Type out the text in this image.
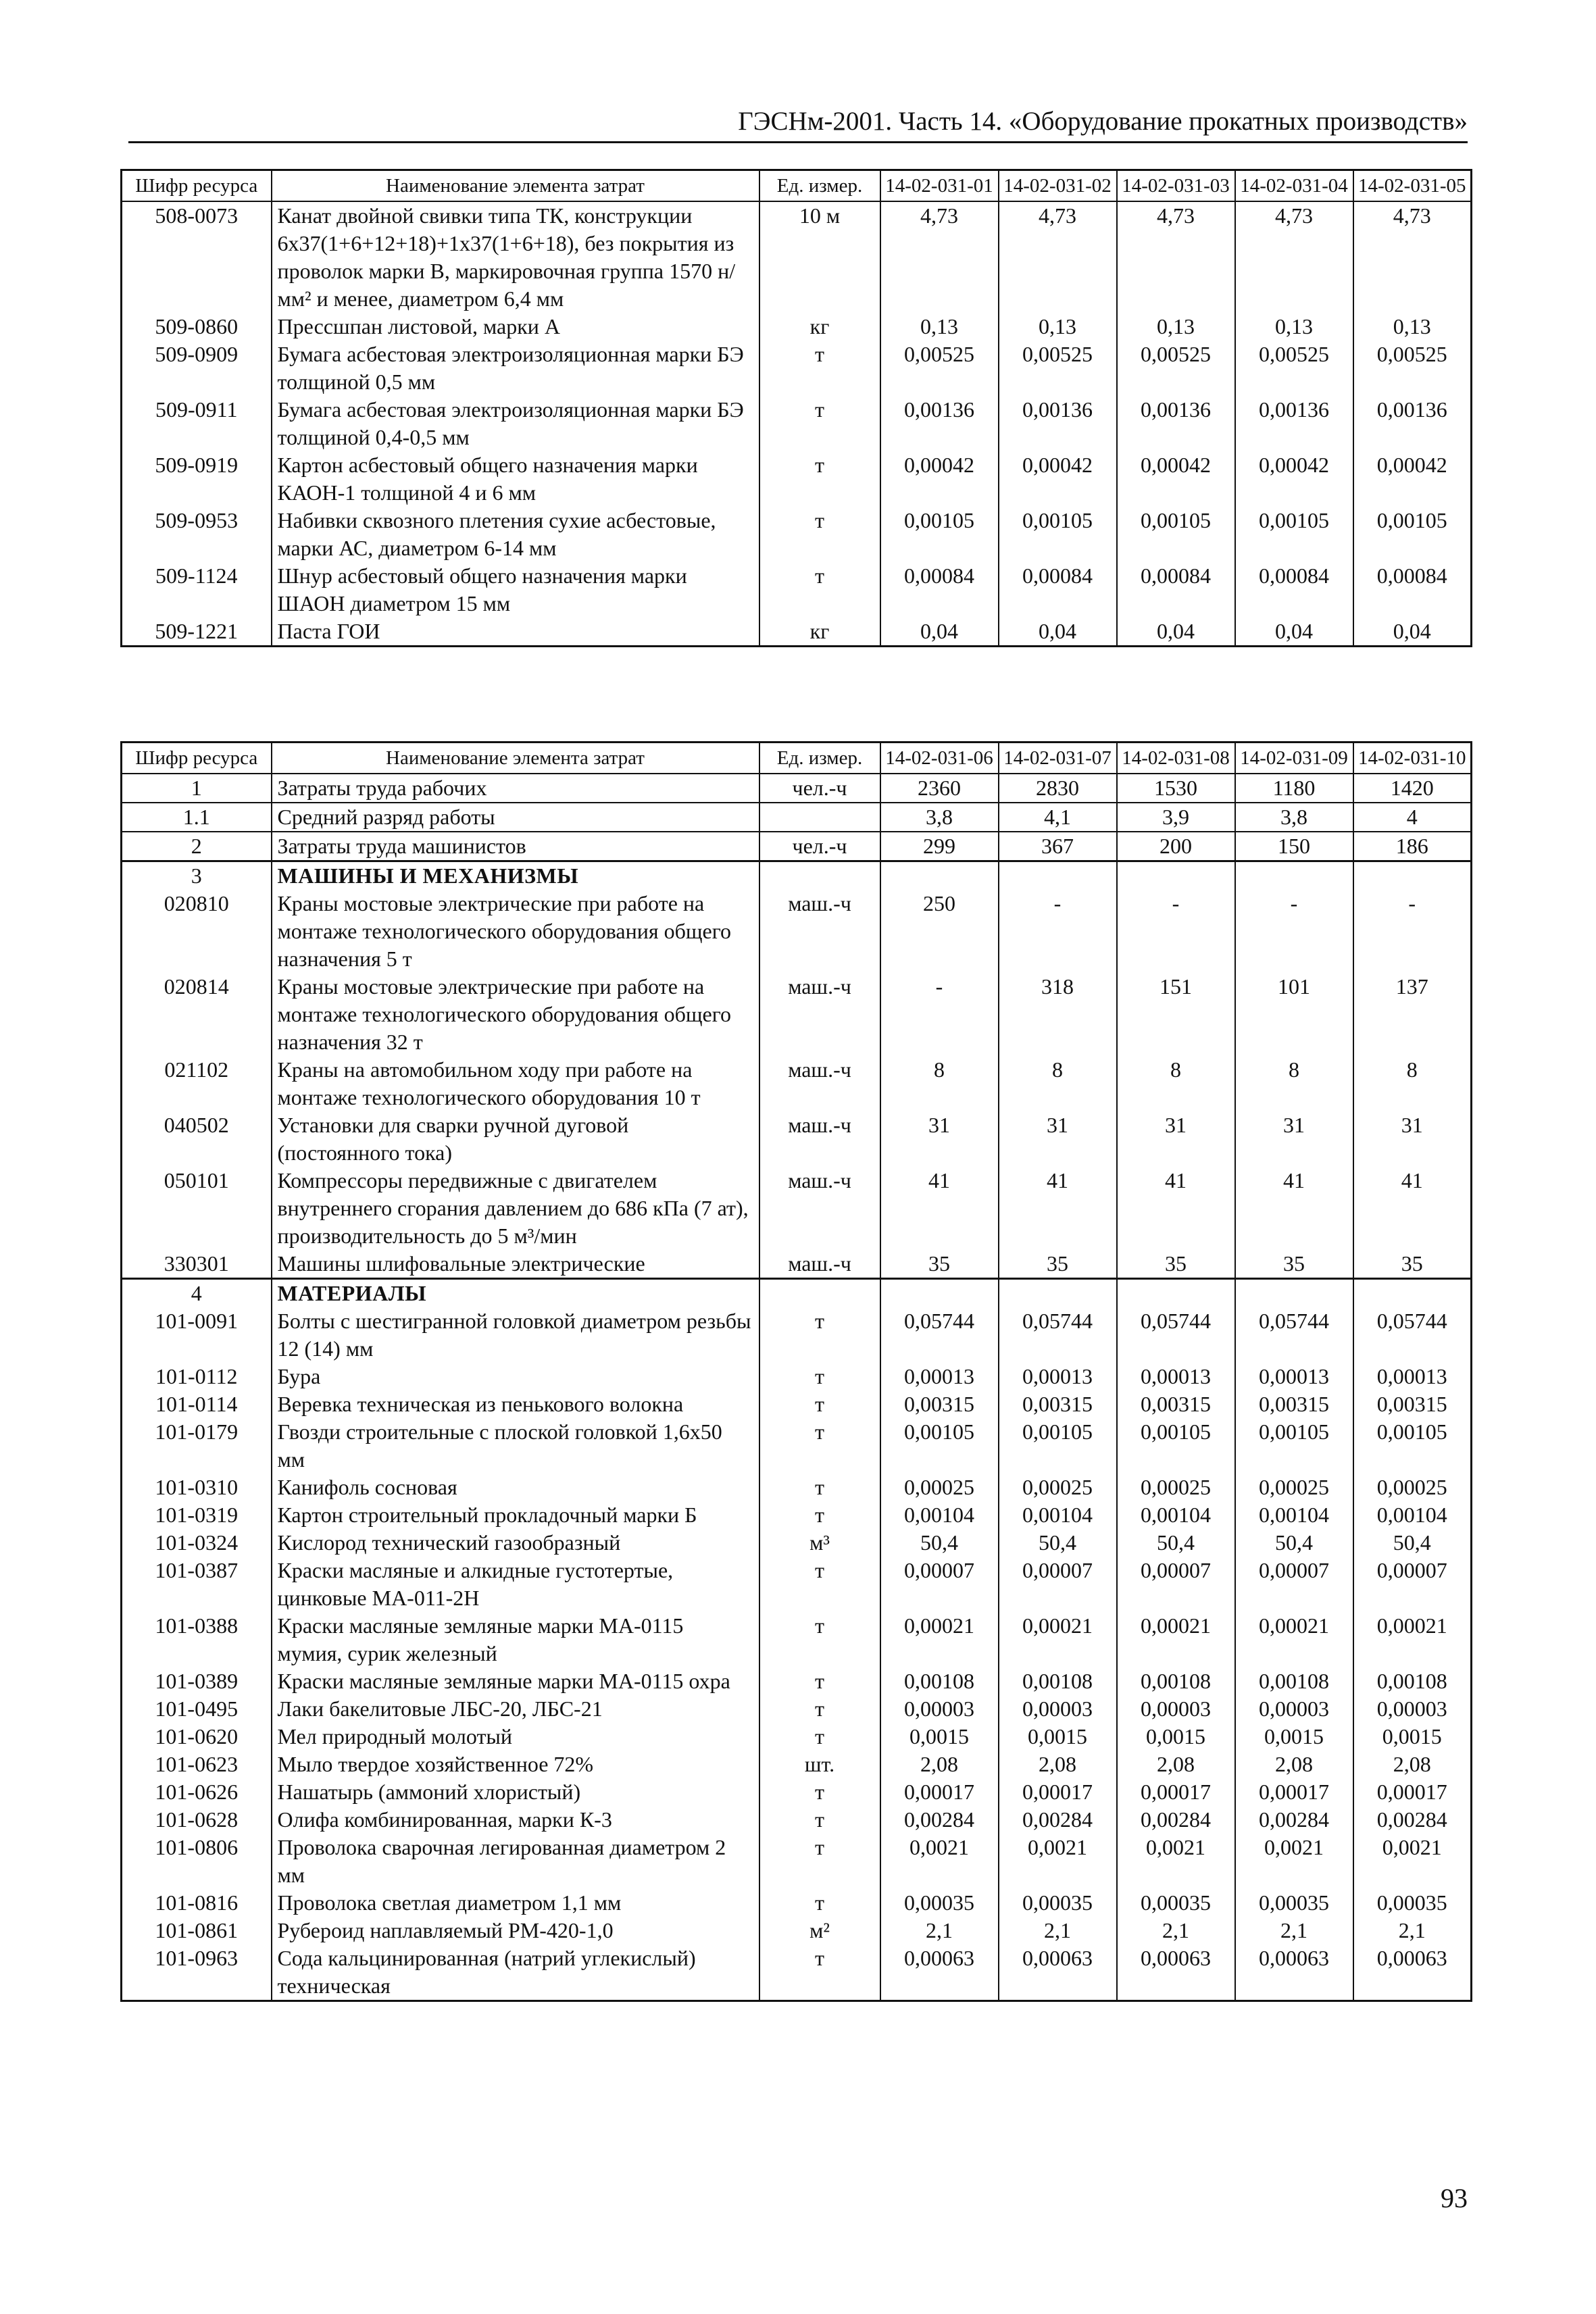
ГЭСНм-2001. Часть 14. «Оборудование прокатных производств»
Шифр ресурса	Наименование элемента затрат	Ед. измер.	14-02-031-01	14-02-031-02	14-02-031-03	14-02-031-04	14-02-031-05
508-0073	Канат двойной свивки типа ТК, конструкции 6х37(1+6+12+18)+1х37(1+6+18), без покрытия из проволок марки В, маркировочная группа 1570 н/мм² и менее, диаметром 6,4 мм	10 м	4,73	4,73	4,73	4,73	4,73
509-0860	Прессшпан листовой, марки А	кг	0,13	0,13	0,13	0,13	0,13
509-0909	Бумага асбестовая электроизоляционная марки БЭ толщиной 0,5 мм	т	0,00525	0,00525	0,00525	0,00525	0,00525
509-0911	Бумага асбестовая электроизоляционная марки БЭ толщиной 0,4-0,5 мм	т	0,00136	0,00136	0,00136	0,00136	0,00136
509-0919	Картон асбестовый общего назначения марки КАОН-1 толщиной 4 и 6 мм	т	0,00042	0,00042	0,00042	0,00042	0,00042
509-0953	Набивки сквозного плетения сухие асбестовые, марки АС, диаметром 6-14 мм	т	0,00105	0,00105	0,00105	0,00105	0,00105
509-1124	Шнур асбестовый общего назначения марки ШАОН диаметром 15 мм	т	0,00084	0,00084	0,00084	0,00084	0,00084
509-1221	Паста ГОИ	кг	0,04	0,04	0,04	0,04	0,04
Шифр ресурса	Наименование элемента затрат	Ед. измер.	14-02-031-06	14-02-031-07	14-02-031-08	14-02-031-09	14-02-031-10
1	Затраты труда рабочих	чел.-ч	2360	2830	1530	1180	1420
1.1	Средний разряд работы		3,8	4,1	3,9	3,8	4
2	Затраты труда машинистов	чел.-ч	299	367	200	150	186
3	МАШИНЫ И МЕХАНИЗМЫ						
020810	Краны мостовые электрические при работе на монтаже технологического оборудования общего назначения 5 т	маш.-ч	250	-	-	-	-
020814	Краны мостовые электрические при работе на монтаже технологического оборудования общего назначения 32 т	маш.-ч	-	318	151	101	137
021102	Краны на автомобильном ходу при работе на монтаже технологического оборудования 10 т	маш.-ч	8	8	8	8	8
040502	Установки для сварки ручной дуговой (постоянного тока)	маш.-ч	31	31	31	31	31
050101	Компрессоры передвижные с двигателем внутреннего сгорания давлением до 686 кПа (7 ат), производительность до 5 м³/мин	маш.-ч	41	41	41	41	41
330301	Машины шлифовальные электрические	маш.-ч	35	35	35	35	35
4	МАТЕРИАЛЫ						
101-0091	Болты с шестигранной головкой диаметром резьбы 12 (14) мм	т	0,05744	0,05744	0,05744	0,05744	0,05744
101-0112	Бура	т	0,00013	0,00013	0,00013	0,00013	0,00013
101-0114	Веревка техническая из пенькового волокна	т	0,00315	0,00315	0,00315	0,00315	0,00315
101-0179	Гвозди строительные с плоской головкой 1,6х50 мм	т	0,00105	0,00105	0,00105	0,00105	0,00105
101-0310	Канифоль сосновая	т	0,00025	0,00025	0,00025	0,00025	0,00025
101-0319	Картон строительный прокладочный марки Б	т	0,00104	0,00104	0,00104	0,00104	0,00104
101-0324	Кислород технический газообразный	м³	50,4	50,4	50,4	50,4	50,4
101-0387	Краски масляные и алкидные густотертые, цинковые МА-011-2Н	т	0,00007	0,00007	0,00007	0,00007	0,00007
101-0388	Краски масляные земляные марки МА-0115 мумия, сурик железный	т	0,00021	0,00021	0,00021	0,00021	0,00021
101-0389	Краски масляные земляные марки МА-0115 охра	т	0,00108	0,00108	0,00108	0,00108	0,00108
101-0495	Лаки бакелитовые ЛБС-20, ЛБС-21	т	0,00003	0,00003	0,00003	0,00003	0,00003
101-0620	Мел природный молотый	т	0,0015	0,0015	0,0015	0,0015	0,0015
101-0623	Мыло твердое хозяйственное 72%	шт.	2,08	2,08	2,08	2,08	2,08
101-0626	Нашатырь (аммоний хлористый)	т	0,00017	0,00017	0,00017	0,00017	0,00017
101-0628	Олифа комбинированная, марки К-3	т	0,00284	0,00284	0,00284	0,00284	0,00284
101-0806	Проволока сварочная легированная диаметром 2 мм	т	0,0021	0,0021	0,0021	0,0021	0,0021
101-0816	Проволока светлая диаметром 1,1 мм	т	0,00035	0,00035	0,00035	0,00035	0,00035
101-0861	Рубероид наплавляемый РМ-420-1,0	м²	2,1	2,1	2,1	2,1	2,1
101-0963	Сода кальцинированная (натрий углекислый) техническая	т	0,00063	0,00063	0,00063	0,00063	0,00063
93
